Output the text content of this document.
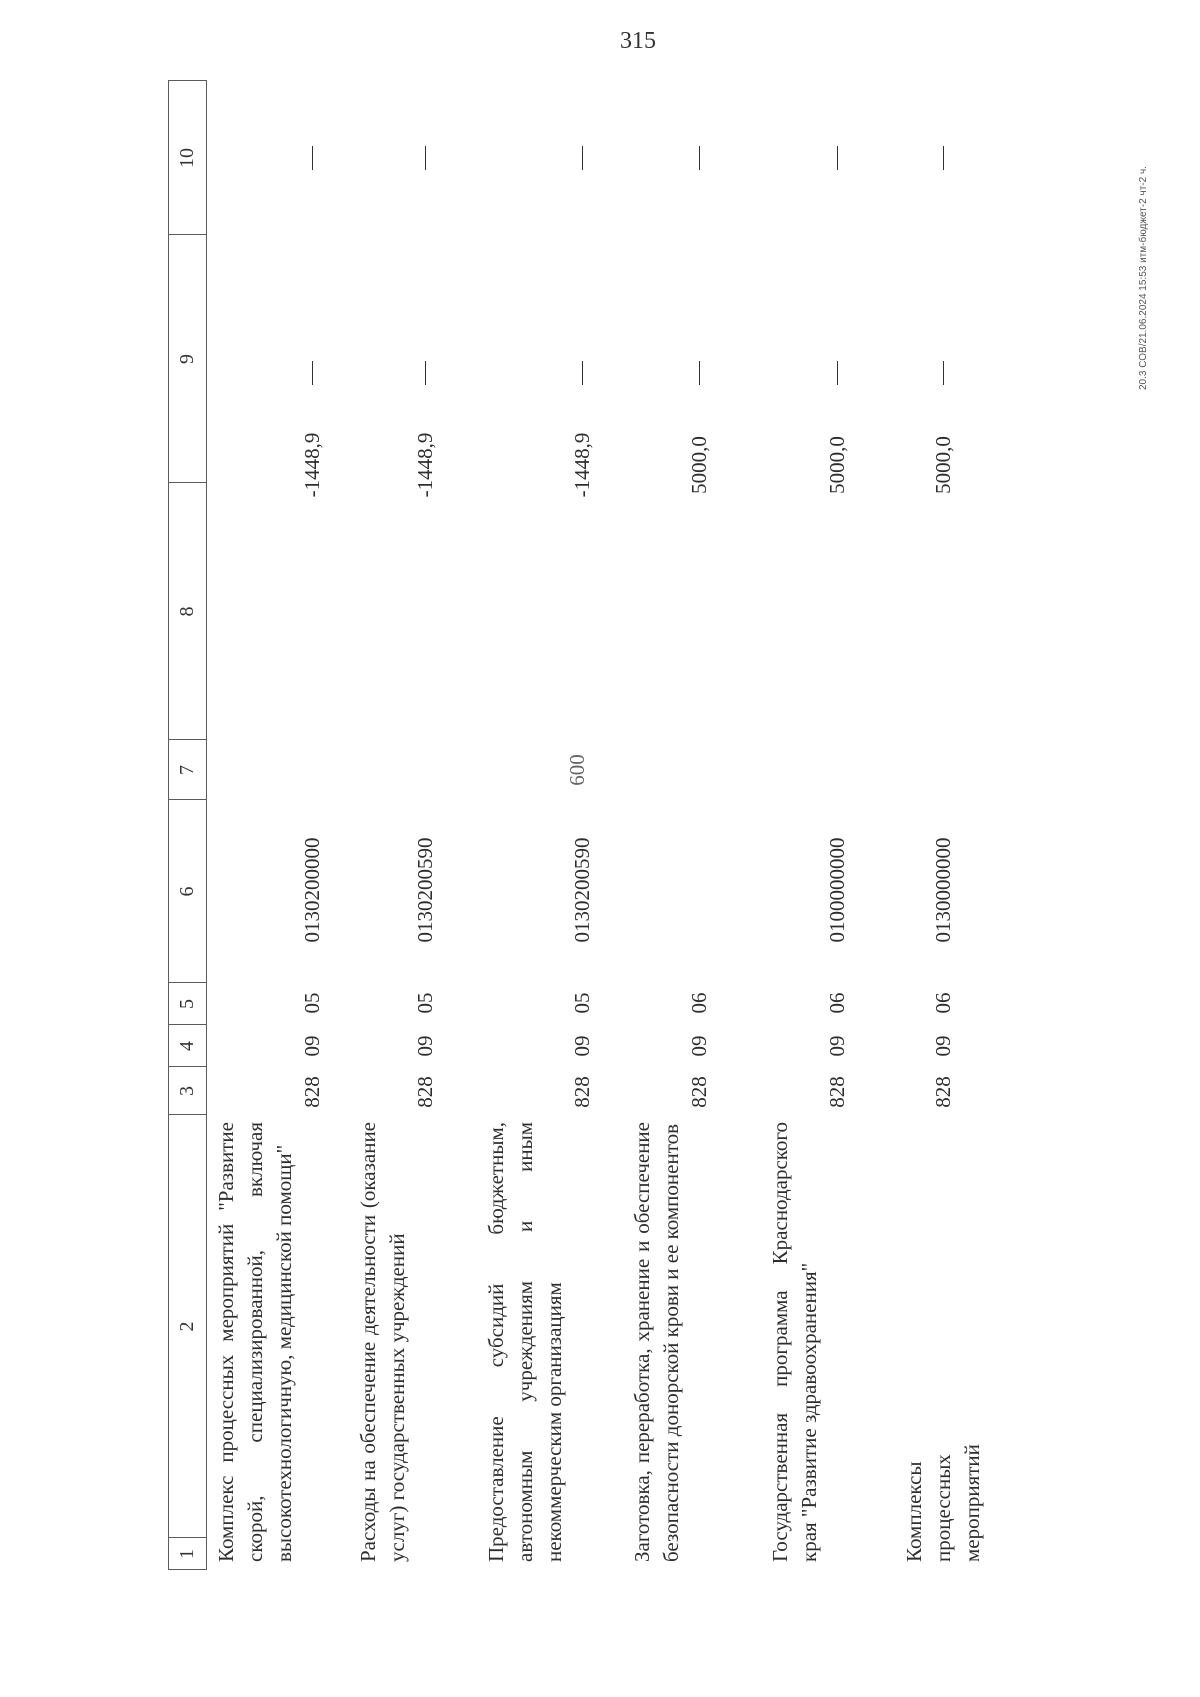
315
20.3 СОВ/21.06.2024 15:53 итм-бюджет-2 чт-2 ч.
1
2
3
4
5
6
7
8
9
10
Комплекс процессных мероприятий "Развитие скорой, специализированной, включая высокотехнологичную, медицинской помощи"
828
09
05
0130200000
-1448,9
Расходы на обеспечение деятельности (оказание услуг) государственных учреждений
828
09
05
0130200590
-1448,9
Предоставление субсидий бюджетным, автономным учреждениям и иным некоммерческим организациям
828
09
05
0130200590
600
-1448,9
Заготовка, переработка, хранение и обеспечение безопасности донорской крови и ее компонентов
828
09
06
5000,0
Государственная программа Краснодарского края "Развитие здравоохранения"
828
09
06
0100000000
5000,0
Комплексы процессных мероприятий
828
09
06
0130000000
5000,0
